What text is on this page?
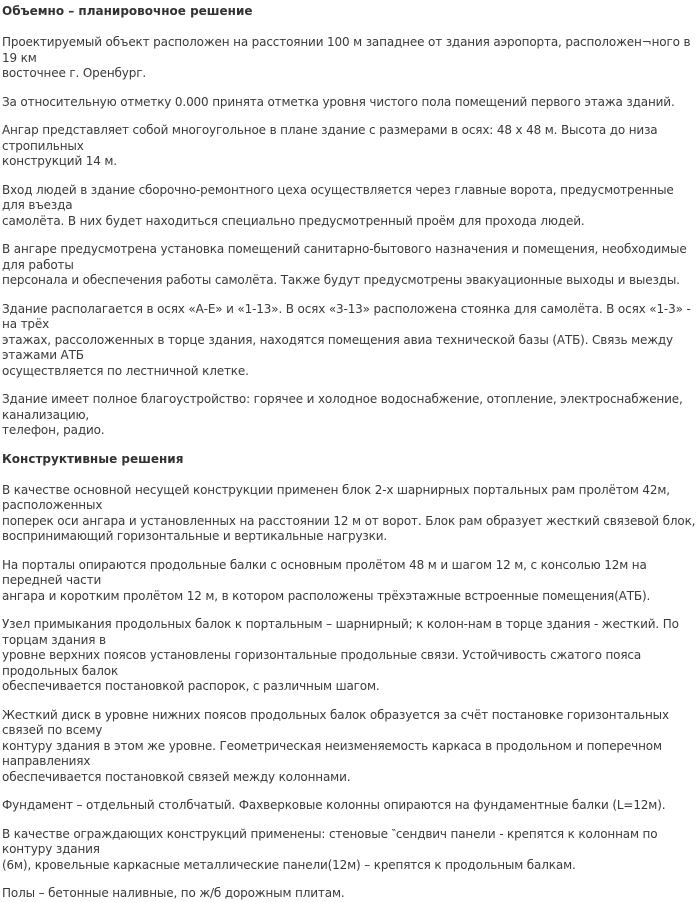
Объемно – планировочное решение
Проектируемый объект расположен на расстоянии 100 м западнее от здания аэропорта, расположен¬ного в 19 км
восточнее г. Оренбург.
За относительную отметку 0.000 принята отметка уровня чистого пола помещений первого этажа зданий.
Ангар представляет собой многоугольное в плане здание с размерами в осях: 48 х 48 м. Высота до низа стропильных
конструкций 14 м.
Вход людей в здание сборочно-ремонтного цеха осуществляется через главные ворота, предусмотренные для въезда
самолёта. В них будет находиться специально предусмотренный проём для прохода людей.
В ангаре предусмотрена установка помещений санитарно-бытового назначения и помещения, необходимые для работы
персонала и обеспечения работы самолёта. Также будут предусмотрены эвакуационные выходы и выезды.
Здание располагается в осях «А-Е» и «1-13». В осях «3-13» расположена стоянка для самолёта. В осях «1-3» - на трёх
этажах, рассоложенных в торце здания, находятся помещения авиа технической базы (АТБ). Связь между этажами АТБ
осуществляется по лестничной клетке.
Здание имеет полное благоустройство: горячее и холодное водоснабжение, отопление, электроснабжение, канализацию,
телефон, радио.
Конструктивные решения
В качестве основной несущей конструкции применен блок 2-х шарнирных портальных рам пролётом 42м, расположенных
поперек оси ангара и установленных на расстоянии 12 м от ворот. Блок рам образует жесткий связевой блок,
воспринимающий горизонтальные и вертикальные нагрузки.
На порталы опираются продольные балки с основным пролётом 48 м и шагом 12 м, с консолью 12м на передней части
ангара и коротким пролётом 12 м, в котором расположены трёхэтажные встроенные помещения(АТБ).
Узел примыкания продольных балок к портальным – шарнирный; к колон-нам в торце здания - жесткий. По торцам здания в
уровне верхних поясов установлены горизонтальные продольные связи. Устойчивость сжатого пояса продольных балок
обеспечивается постановкой распорок, с различным шагом.
Жесткий диск в уровне нижних поясов продольных балок образуется за счёт постановке горизонтальных связей по всему
контуру здания в этом же уровне. Геометрическая неизменяемость каркаса в продольном и поперечном направлениях
обеспечивается постановкой связей между колоннами.
Фундамент – отдельный столбчатый. Фахверковые колонны опираются на фундаментные балки (L=12м).
В качестве ограждающих конструкций применены: стеновые ‶сендвич панели - крепятся к колоннам по контуру здания
(6м), кровельные каркасные металлические панели(12м) – крепятся к продольным балкам.
Полы – бетонные наливные, по ж/б дорожным плитам.
